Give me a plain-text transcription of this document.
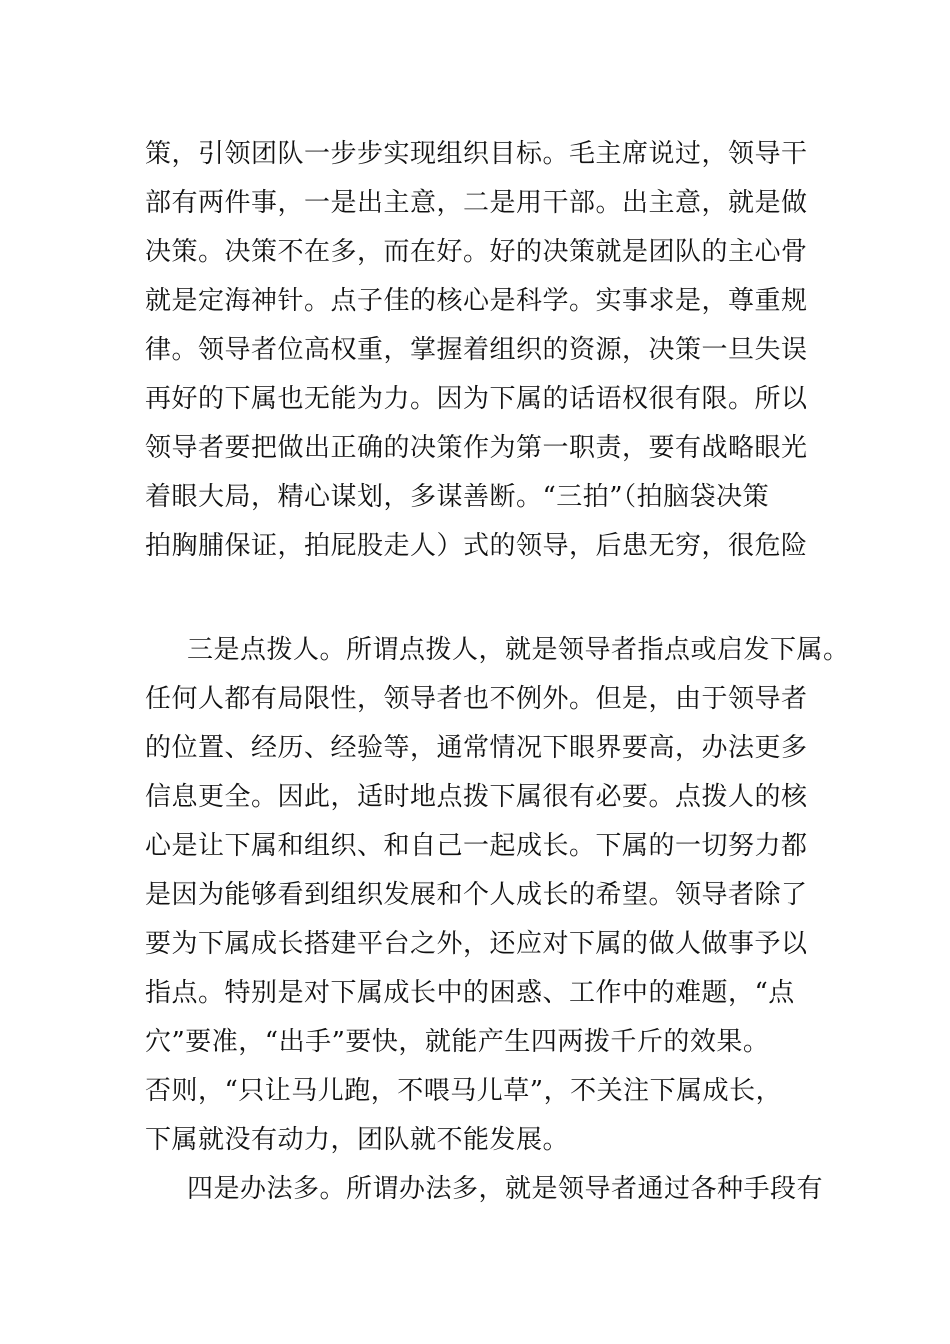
策，引领团队一步步实现组织目标。毛主席说过，领导干
部有两件事，一是出主意，二是用干部。出主意，就是做
决策。决策不在多，而在好。好的决策就是团队的主心骨
就是定海神针。点子佳的核心是科学。实事求是，尊重规
律。领导者位高权重，掌握着组织的资源，决策一旦失误
再好的下属也无能为力。因为下属的话语权很有限。所以
领导者要把做出正确的决策作为第一职责，要有战略眼光
着眼大局，精心谋划，多谋善断。“三拍”（拍脑袋决策
拍胸脯保证，拍屁股走人）式的领导，后患无穷，很危险
三是点拨人。所谓点拨人，就是领导者指点或启发下属。
任何人都有局限性，领导者也不例外。但是，由于领导者
的位置、经历、经验等，通常情况下眼界要高，办法更多
信息更全。因此，适时地点拨下属很有必要。点拨人的核
心是让下属和组织、和自己一起成长。下属的一切努力都
是因为能够看到组织发展和个人成长的希望。领导者除了
要为下属成长搭建平台之外，还应对下属的做人做事予以
指点。特别是对下属成长中的困惑、工作中的难题，“点
穴”要准，“出手”要快，就能产生四两拨千斤的效果。
否则，“只让马儿跑，不喂马儿草”，不关注下属成长，
下属就没有动力，团队就不能发展。
四是办法多。所谓办法多，就是领导者通过各种手段有
